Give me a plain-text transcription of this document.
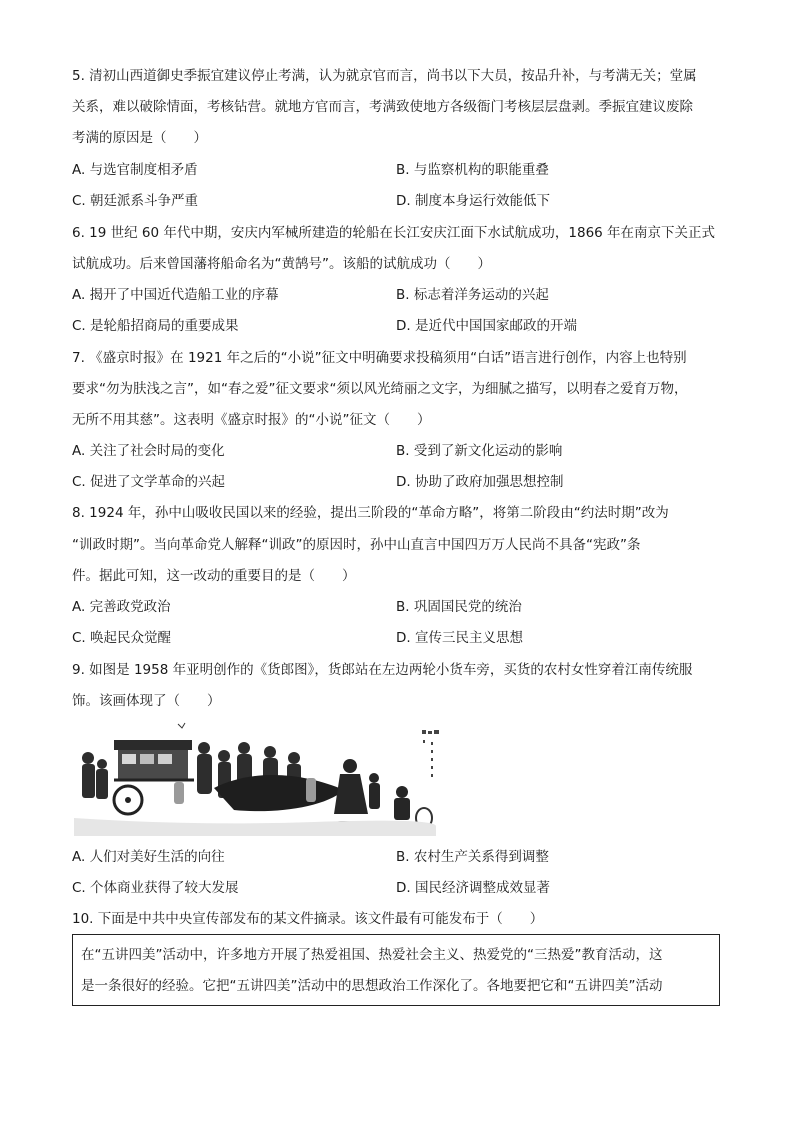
5. 清初山西道御史季振宜建议停止考满，认为就京官而言，尚书以下大员，按品升补，与考满无关；堂属
关系，难以破除情面，考核钻营。就地方官而言，考满致使地方各级衙门考核层层盘剥。季振宜建议废除
考满的原因是（　　）
A. 与选官制度相矛盾	B. 与监察机构的职能重叠
C. 朝廷派系斗争严重	D. 制度本身运行效能低下
6. 19 世纪 60 年代中期，安庆内军械所建造的轮船在长江安庆江面下水试航成功，1866 年在南京下关正式
试航成功。后来曾国藩将船命名为“黄鹄号”。该船的试航成功（　　）
A. 揭开了中国近代造船工业的序幕	B. 标志着洋务运动的兴起
C. 是轮船招商局的重要成果	D. 是近代中国国家邮政的开端
7. 《盛京时报》在 1921 年之后的“小说”征文中明确要求投稿须用“白话”语言进行创作，内容上也特别
要求“勿为肤浅之言”，如“春之爱”征文要求“须以风光绮丽之文字，为细腻之描写，以明春之爱育万物，
无所不用其慈”。这表明《盛京时报》的“小说”征文（　　）
A. 关注了社会时局的变化	B. 受到了新文化运动的影响
C. 促进了文学革命的兴起	D. 协助了政府加强思想控制
8. 1924 年，孙中山吸收民国以来的经验，提出三阶段的“革命方略”，将第二阶段由“约法时期”改为
“训政时期”。当向革命党人解释“训政”的原因时，孙中山直言中国四万万人民尚不具备“宪政”条
件。据此可知，这一改动的重要目的是（　　）
A. 完善政党政治	B. 巩固国民党的统治
C. 唤起民众觉醒	D. 宣传三民主义思想
9. 如图是 1958 年亚明创作的《货郎图》，货郎站在左边两轮小货车旁，买货的农村女性穿着江南传统服
饰。该画体现了（　　）
A. 人们对美好生活的向往	B. 农村生产关系得到调整
C. 个体商业获得了较大发展	D. 国民经济调整成效显著
10. 下面是中共中央宣传部发布的某文件摘录。该文件最有可能发布于（　　）
在“五讲四美”活动中，许多地方开展了热爱祖国、热爱社会主义、热爱党的“三热爱”教育活动，这
是一条很好的经验。它把“五讲四美”活动中的思想政治工作深化了。各地要把它和“五讲四美”活动
